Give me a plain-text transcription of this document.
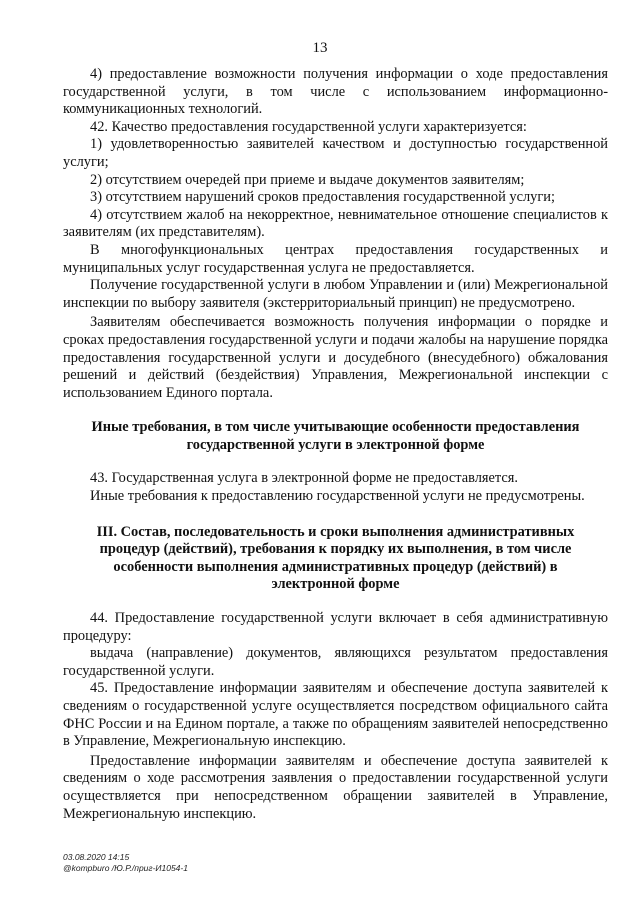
13

4) предоставление возможности получения информации о ходе предоставления государственной услуги, в том числе с использованием информационно-коммуникационных технологий.

42. Качество предоставления государственной услуги характеризуется:

1) удовлетворенностью заявителей качеством и доступностью государственной услуги;

2) отсутствием очередей при приеме и выдаче документов заявителям;

3) отсутствием нарушений сроков предоставления государственной услуги;

4) отсутствием жалоб на некорректное, невнимательное отношение специалистов к заявителям (их представителям).

В многофункциональных центрах предоставления государственных и муниципальных услуг государственная услуга не предоставляется.

Получение государственной услуги в любом Управлении и (или) Межрегиональной инспекции по выбору заявителя (экстерриториальный принцип) не предусмотрено.

Заявителям обеспечивается возможность получения информации о порядке и сроках предоставления государственной услуги и подачи жалобы на нарушение порядка предоставления государственной услуги и досудебного (внесудебного) обжалования решений и действий (бездействия) Управления, Межрегиональной инспекции с использованием Единого портала.

Иные требования, в том числе учитывающие особенности предоставления государственной услуги в электронной форме

43. Государственная услуга в электронной форме не предоставляется.

Иные требования к предоставлению государственной услуги не предусмотрены.

III. Состав, последовательность и сроки выполнения административных процедур (действий), требования к порядку их выполнения, в том числе особенности выполнения административных процедур (действий) в электронной форме

44. Предоставление государственной услуги включает в себя административную процедуру:

выдача (направление) документов, являющихся результатом предоставления государственной услуги.

45. Предоставление информации заявителям и обеспечение доступа заявителей к сведениям о государственной услуге осуществляется посредством официального сайта ФНС России и на Едином портале, а также по обращениям заявителей непосредственно в Управление, Межрегиональную инспекцию.

Предоставление информации заявителям и обеспечение доступа заявителей к сведениям о ходе рассмотрения заявления о предоставлении государственной услуги осуществляется при непосредственном обращении заявителей в Управление, Межрегиональную инспекцию.

03.08.2020 14:15
@kompburo /Ю.Р./приг-И1054-1
